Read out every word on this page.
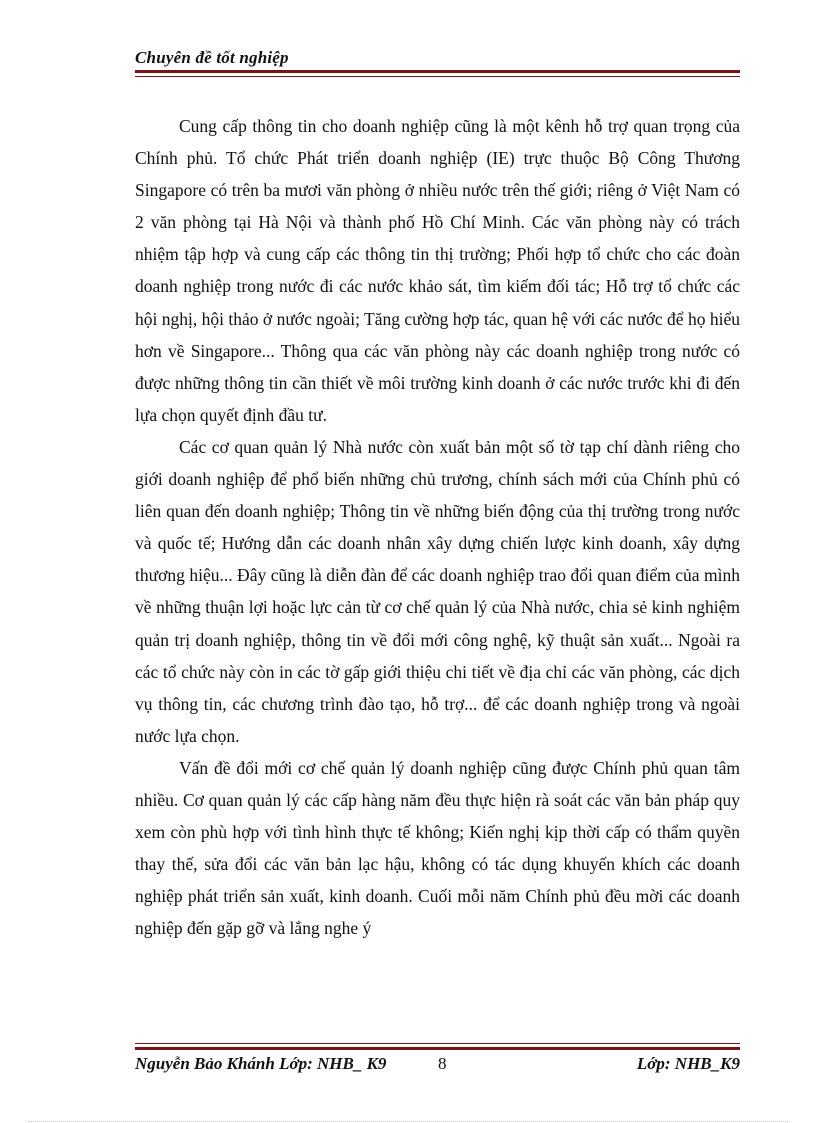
Chuyên đề tốt nghiệp

Cung cấp thông tin cho doanh nghiệp cũng là một kênh hỗ trợ quan trọng của Chính phủ. Tổ chức Phát triển doanh nghiệp (IE) trực thuộc Bộ Công Thương Singapore có trên ba mươi văn phòng ở nhiều nước trên thế giới; riêng ở Việt Nam có 2 văn phòng tại Hà Nội và thành phố Hồ Chí Minh. Các văn phòng này có trách nhiệm tập hợp và cung cấp các thông tin thị trường; Phối hợp tổ chức cho các đoàn doanh nghiệp trong nước đi các nước khảo sát, tìm kiếm đối tác; Hỗ trợ tổ chức các hội nghị, hội thảo ở nước ngoài; Tăng cường hợp tác, quan hệ với các nước để họ hiểu hơn về Singapore... Thông qua các văn phòng này các doanh nghiệp trong nước có được những thông tin cần thiết về môi trường kinh doanh ở các nước trước khi đi đến lựa chọn quyết định đầu tư.

Các cơ quan quản lý Nhà nước còn xuất bản một số tờ tạp chí dành riêng cho giới doanh nghiệp để phổ biến những chủ trương, chính sách mới của Chính phủ có liên quan đến doanh nghiệp; Thông tin về những biến động của thị trường trong nước và quốc tế; Hướng dẫn các doanh nhân xây dựng chiến lược kinh doanh, xây dựng thương hiệu... Đây cũng là diễn đàn để các doanh nghiệp trao đổi quan điểm của mình về những thuận lợi hoặc lực cản từ cơ chế quản lý của Nhà nước, chia sẻ kinh nghiệm quản trị doanh nghiệp, thông tin về đổi mới công nghệ, kỹ thuật sản xuất... Ngoài ra các tổ chức này còn in các tờ gấp giới thiệu chi tiết về địa chỉ các văn phòng, các dịch vụ thông tin, các chương trình đào tạo, hỗ trợ... để các doanh nghiệp trong và ngoài nước lựa chọn.

Vấn đề đổi mới cơ chế quản lý doanh nghiệp cũng được Chính phủ quan tâm nhiều. Cơ quan quản lý các cấp hàng năm đều thực hiện rà soát các văn bản pháp quy xem còn phù hợp với tình hình thực tế không; Kiến nghị kịp thời cấp có thẩm quyền thay thế, sửa đổi các văn bản lạc hậu, không có tác dụng khuyến khích các doanh nghiệp phát triển sản xuất, kinh doanh. Cuối mỗi năm Chính phủ đều mời các doanh nghiệp đến gặp gỡ và lắng nghe ý

Nguyễn Bảo Khánh Lớp: NHB_ K9	8	Lớp: NHB_K9
